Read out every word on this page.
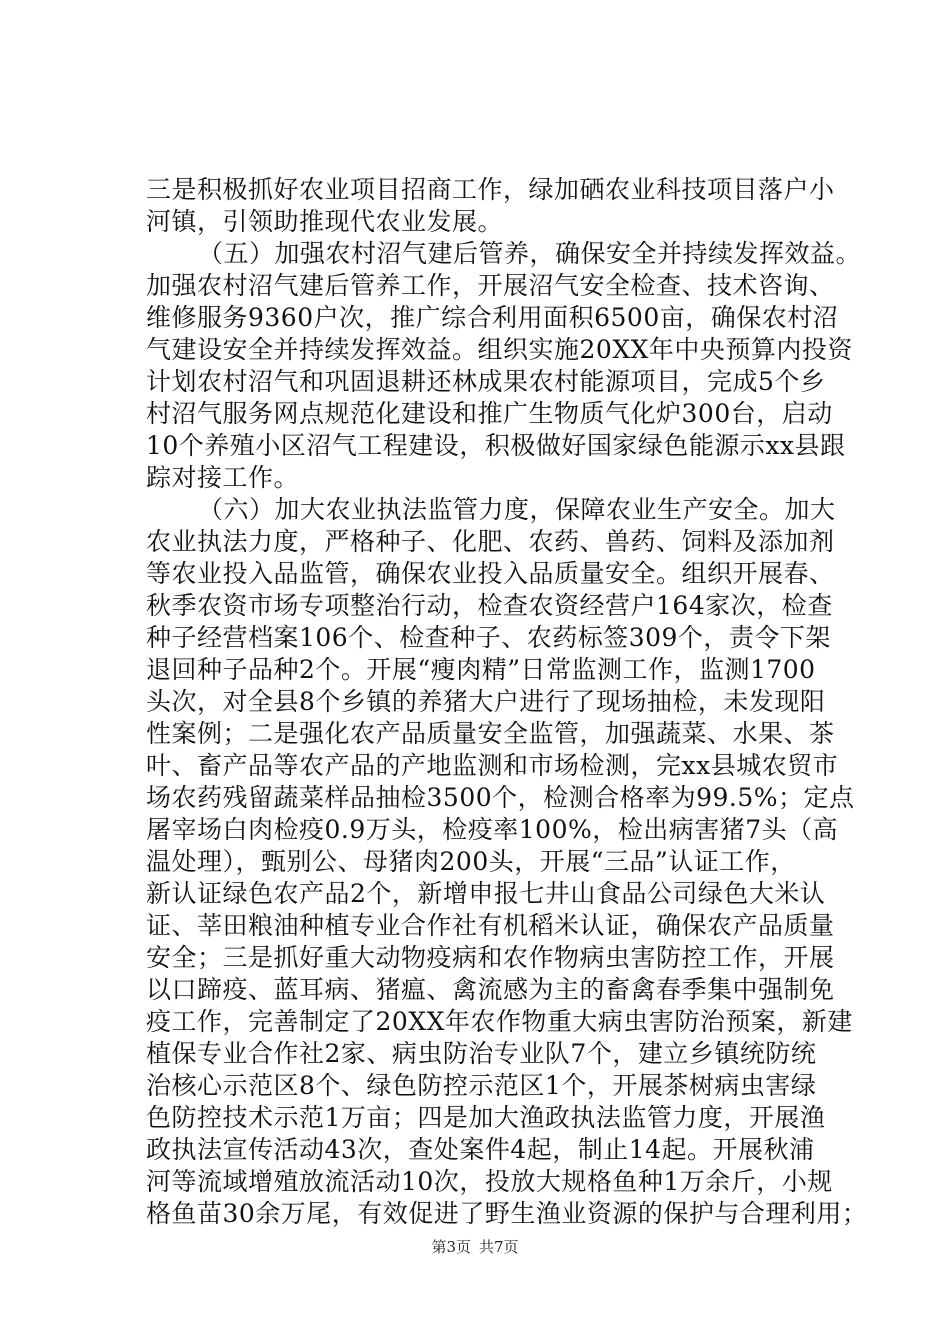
三是积极抓好农业项目招商工作，绿加硒农业科技项目落户小
河镇，引领助推现代农业发展。
（五）加强农村沼气建后管养，确保安全并持续发挥效益。
加强农村沼气建后管养工作，开展沼气安全检查、技术咨询、
维修服务9360户次，推广综合利用面积6500亩，确保农村沼
气建设安全并持续发挥效益。组织实施20XX年中央预算内投资
计划农村沼气和巩固退耕还林成果农村能源项目，完成5个乡
村沼气服务网点规范化建设和推广生物质气化炉300台，启动
10个养殖小区沼气工程建设，积极做好国家绿色能源示xx县跟
踪对接工作。
（六）加大农业执法监管力度，保障农业生产安全。加大
农业执法力度，严格种子、化肥、农药、兽药、饲料及添加剂
等农业投入品监管，确保农业投入品质量安全。组织开展春、
秋季农资市场专项整治行动，检查农资经营户164家次，检查
种子经营档案106个、检查种子、农药标签309个，责令下架
退回种子品种2个。开展“瘦肉精”日常监测工作，监测1700
头次，对全县8个乡镇的养猪大户进行了现场抽检，未发现阳
性案例；二是强化农产品质量安全监管，加强蔬菜、水果、茶
叶、畜产品等农产品的产地监测和市场检测，完xx县城农贸市
场农药残留蔬菜样品抽检3500个，检测合格率为99.5%；定点
屠宰场白肉检疫0.9万头，检疫率100%，检出病害猪7头（高
温处理），甄别公、母猪肉200头，开展“三品”认证工作，
新认证绿色农产品2个，新增申报七井山食品公司绿色大米认
证、莘田粮油种植专业合作社有机稻米认证，确保农产品质量
安全；三是抓好重大动物疫病和农作物病虫害防控工作，开展
以口蹄疫、蓝耳病、猪瘟、禽流感为主的畜禽春季集中强制免
疫工作，完善制定了20XX年农作物重大病虫害防治预案，新建
植保专业合作社2家、病虫防治专业队7个，建立乡镇统防统
治核心示范区8个、绿色防控示范区1个，开展茶树病虫害绿
色防控技术示范1万亩；四是加大渔政执法监管力度，开展渔
政执法宣传活动43次，查处案件4起，制止14起。开展秋浦
河等流域增殖放流活动10次，投放大规格鱼种1万余斤，小规
格鱼苗30余万尾，有效促进了野生渔业资源的保护与合理利用；
第3页 共7页
